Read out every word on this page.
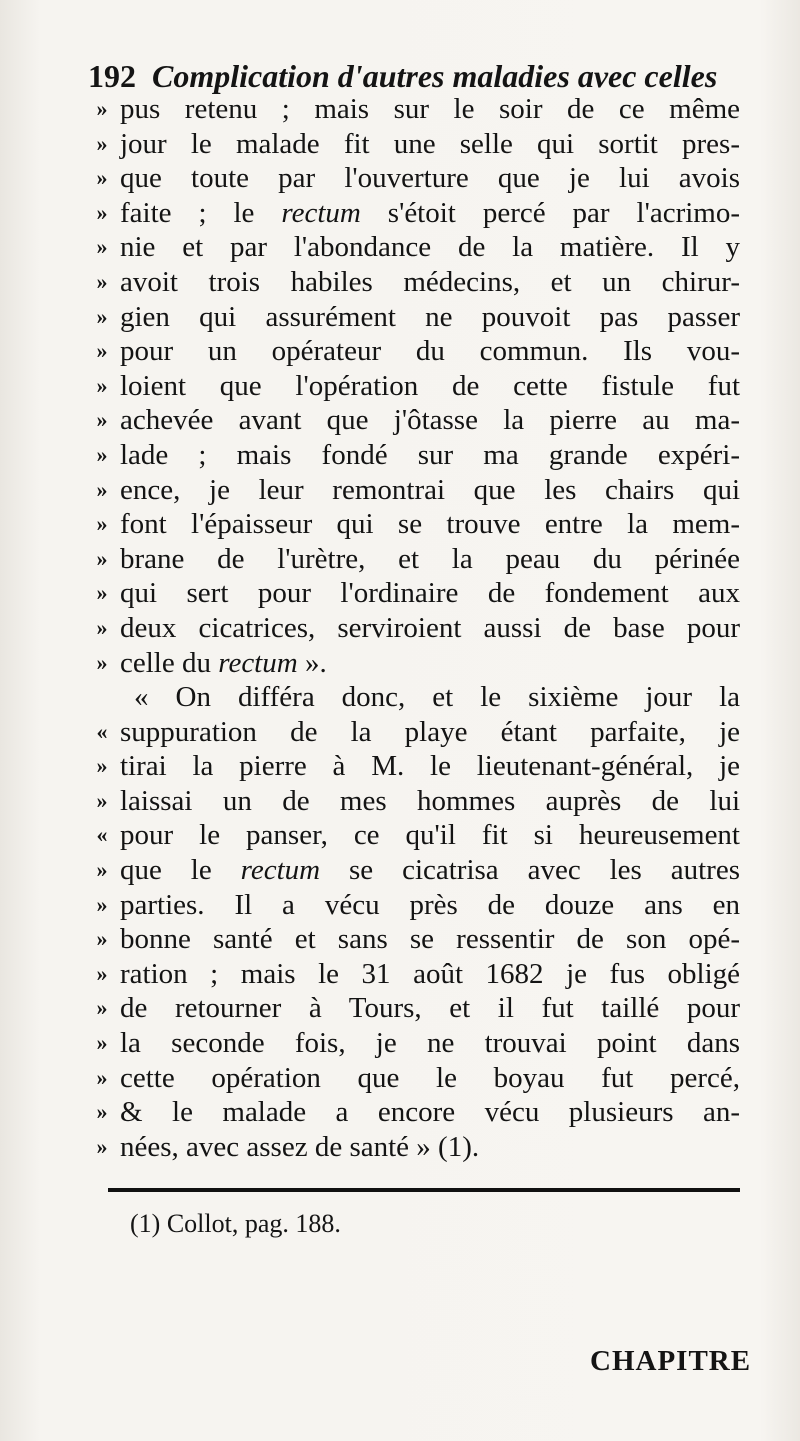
192 Complication d'autres maladies avec celles
»
»
»
»
»
»
»
»
»
»
»
»
»
»
»
»
»
«
»
»
«
»
»
»
»
»
»
»
»
»
pus retenu ; mais sur le soir de ce même
jour le malade fit une selle qui sortit pres-
que toute par l'ouverture que je lui avois
faite ; le rectum s'étoit percé par l'acrimo-
nie et par l'abondance de la matière. Il y
avoit trois habiles médecins, et un chirur-
gien qui assurément ne pouvoit pas passer
pour un opérateur du commun. Ils vou-
loient que l'opération de cette fistule fut
achevée avant que j'ôtasse la pierre au ma-
lade ; mais fondé sur ma grande expéri-
ence, je leur remontrai que les chairs qui
font l'épaisseur qui se trouve entre la mem-
brane de l'urètre, et la peau du périnée
qui sert pour l'ordinaire de fondement aux
deux cicatrices, serviroient aussi de base pour
celle du rectum ».
« On différa donc, et le sixième jour la
suppuration de la playe étant parfaite, je
tirai la pierre à M. le lieutenant-général, je
laissai un de mes hommes auprès de lui
pour le panser, ce qu'il fit si heureusement
que le rectum se cicatrisa avec les autres
parties. Il a vécu près de douze ans en
bonne santé et sans se ressentir de son opé-
ration ; mais le 31 août 1682 je fus obligé
de retourner à Tours, et il fut taillé pour
la seconde fois, je ne trouvai point dans
cette opération que le boyau fut percé,
& le malade a encore vécu plusieurs an-
nées, avec assez de santé » (1).
(1) Collot, pag. 188.
CHAPITRE
